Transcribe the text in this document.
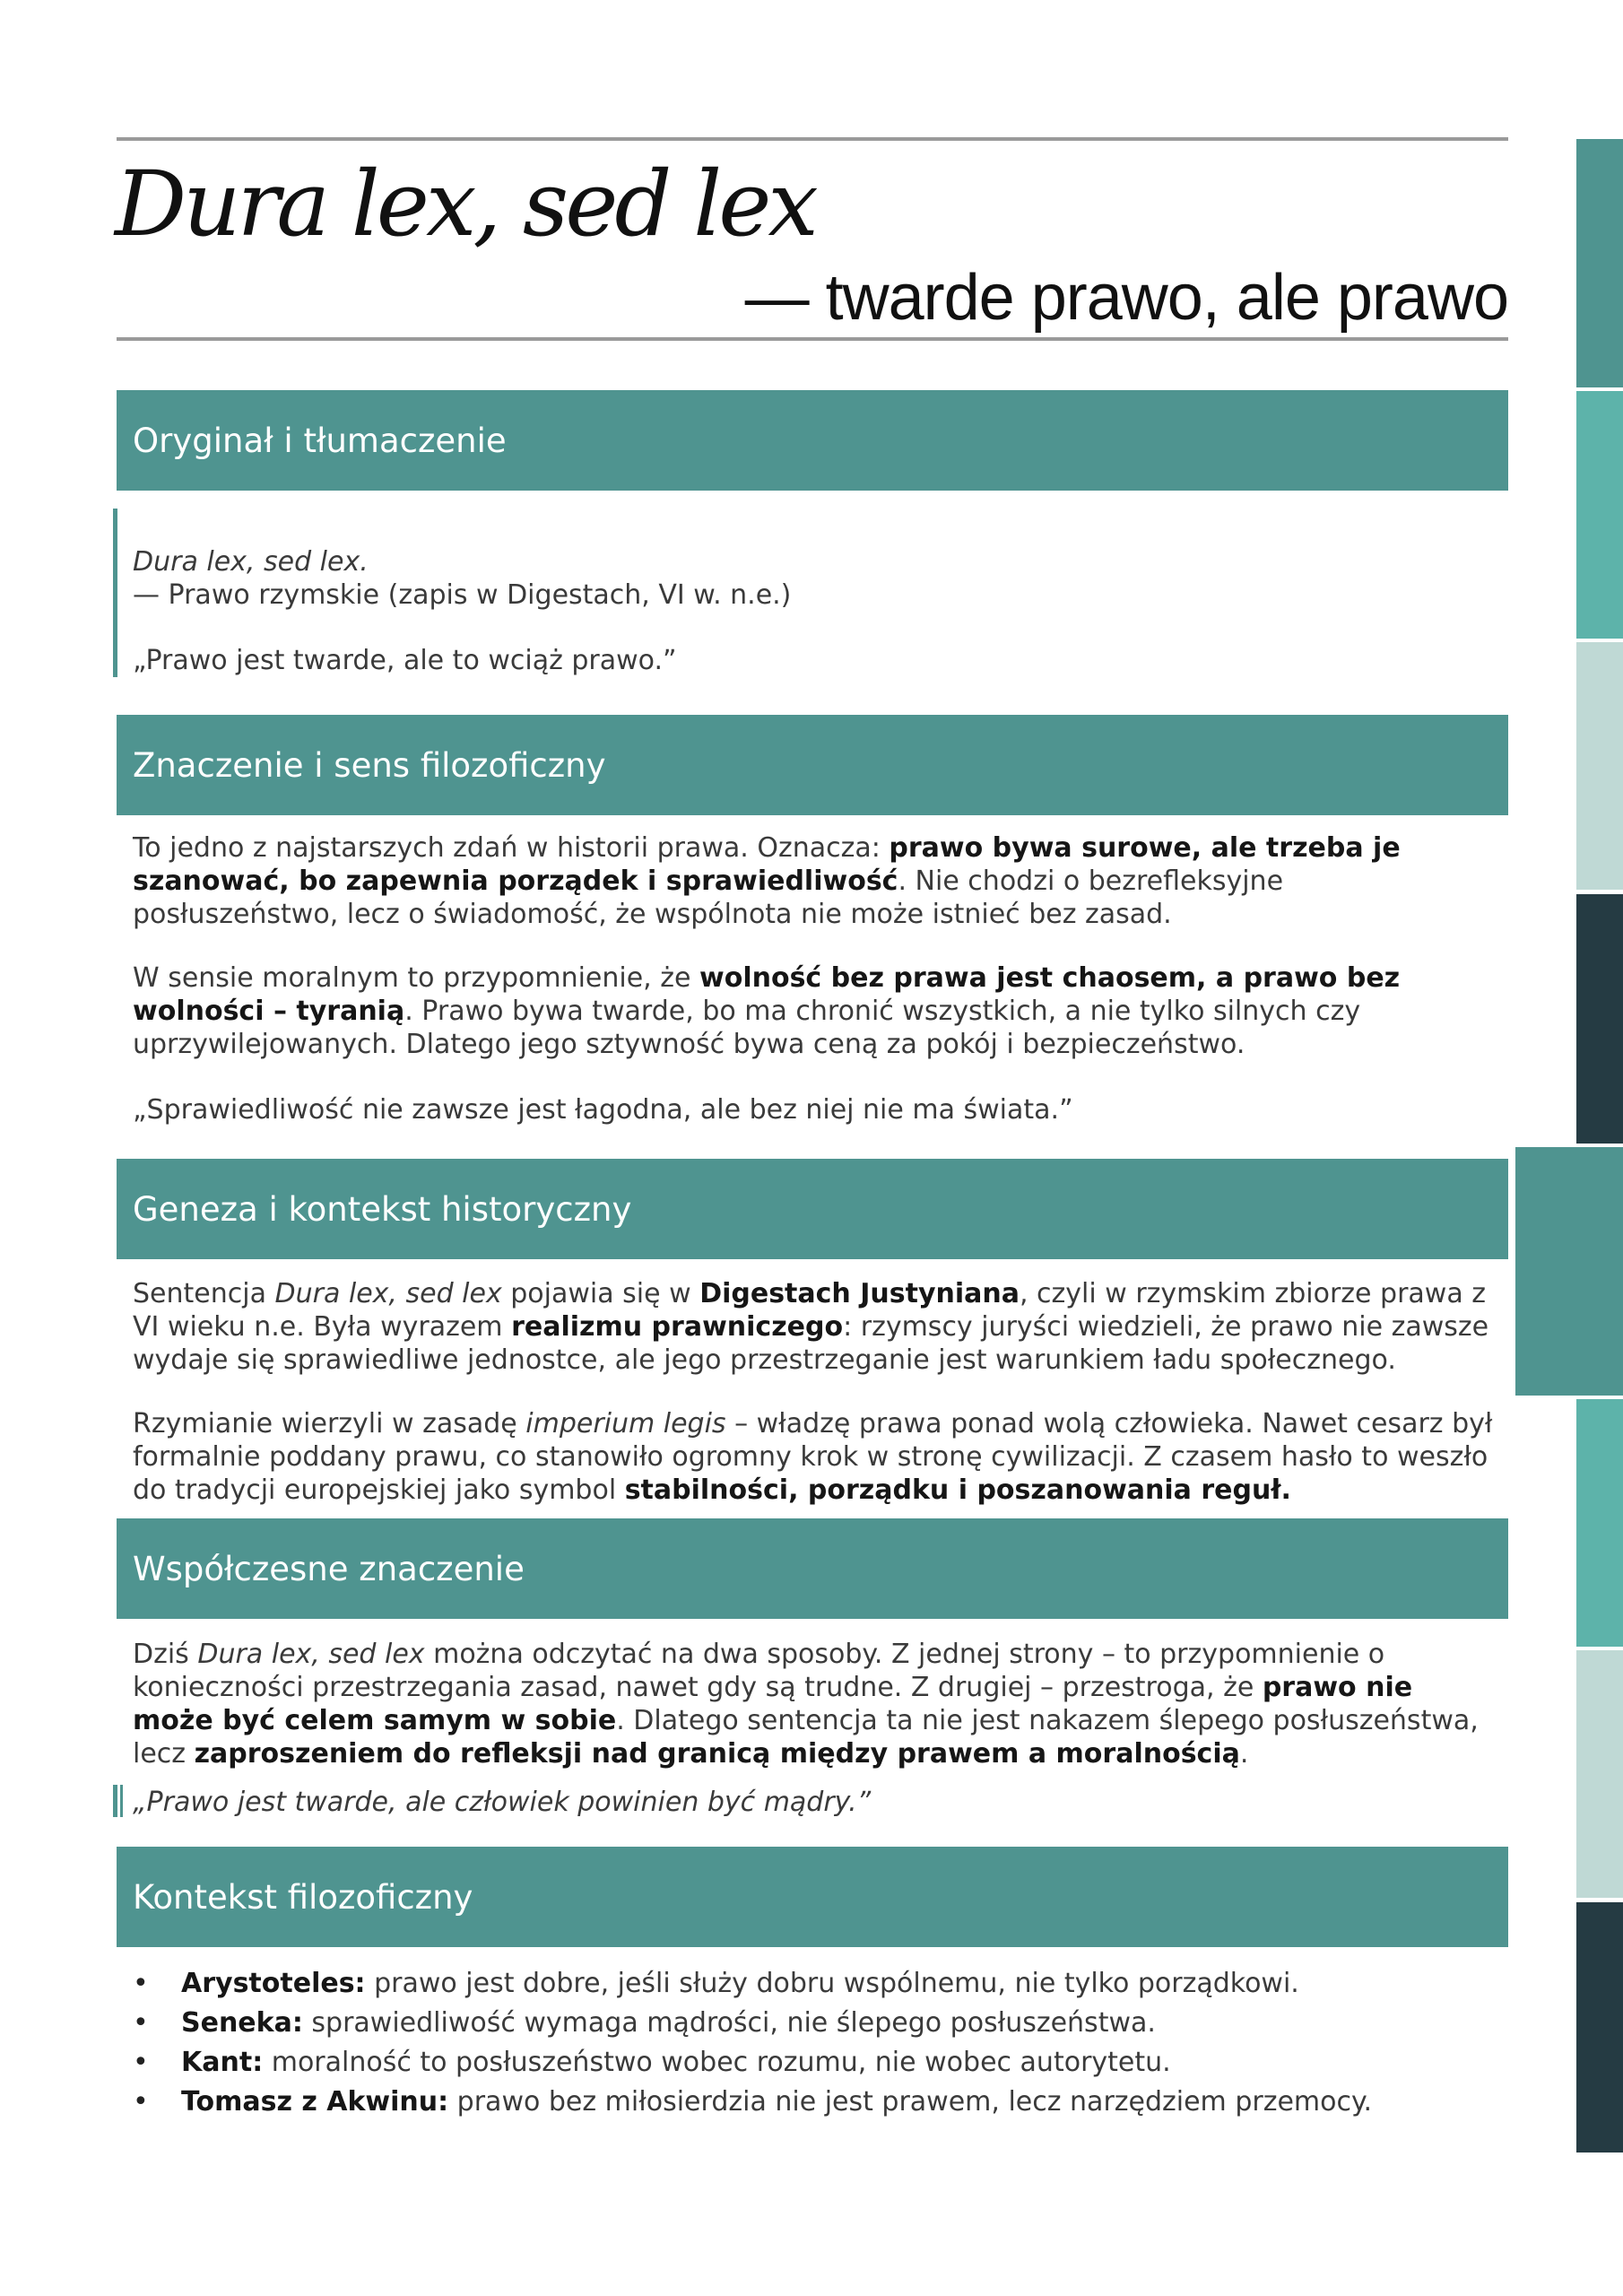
Dura lex, sed lex
— twarde prawo, ale prawo
Oryginał i tłumaczenie

Dura lex, sed lex.
— Prawo rzymskie (zapis w Digestach, VI w. n.e.)

„Prawo jest twarde, ale to wciąż prawo.”

Znaczenie i sens filozoficzny

To jedno z najstarszych zdań w historii prawa. Oznacza: prawo bywa surowe, ale trzeba je szanować, bo zapewnia porządek i sprawiedliwość. Nie chodzi o bezrefleksyjne posłuszeństwo, lecz o świadomość, że wspólnota nie może istnieć bez zasad.

W sensie moralnym to przypomnienie, że wolność bez prawa jest chaosem, a prawo bez wolności – tyranią. Prawo bywa twarde, bo ma chronić wszystkich, a nie tylko silnych czy uprzywilejowanych. Dlatego jego sztywność bywa ceną za pokój i bezpieczeństwo.

„Sprawiedliwość nie zawsze jest łagodna, ale bez niej nie ma świata.”

Geneza i kontekst historyczny

Sentencja Dura lex, sed lex pojawia się w Digestach Justyniana, czyli w rzymskim zbiorze prawa z VI wieku n.e. Była wyrazem realizmu prawniczego: rzymscy juryści wiedzieli, że prawo nie zawsze wydaje się sprawiedliwe jednostce, ale jego przestrzeganie jest warunkiem ładu społecznego.

Rzymianie wierzyli w zasadę imperium legis – władzę prawa ponad wolą człowieka. Nawet cesarz był formalnie poddany prawu, co stanowiło ogromny krok w stronę cywilizacji. Z czasem hasło to weszło do tradycji europejskiej jako symbol stabilności, porządku i poszanowania reguł.

Współczesne znaczenie

Dziś Dura lex, sed lex można odczytać na dwa sposoby. Z jednej strony – to przypomnienie o konieczności przestrzegania zasad, nawet gdy są trudne. Z drugiej – przestroga, że prawo nie może być celem samym w sobie. Dlatego sentencja ta nie jest nakazem ślepego posłuszeństwa, lecz zaproszeniem do refleksji nad granicą między prawem a moralnością.

„Prawo jest twarde, ale człowiek powinien być mądry.”

Kontekst filozoficzny
• Arystoteles: prawo jest dobre, jeśli służy dobru wspólnemu, nie tylko porządkowi.
• Seneka: sprawiedliwość wymaga mądrości, nie ślepego posłuszeństwa.
• Kant: moralność to posłuszeństwo wobec rozumu, nie wobec autorytetu.
• Tomasz z Akwinu: prawo bez miłosierdzia nie jest prawem, lecz narzędziem przemocy.
